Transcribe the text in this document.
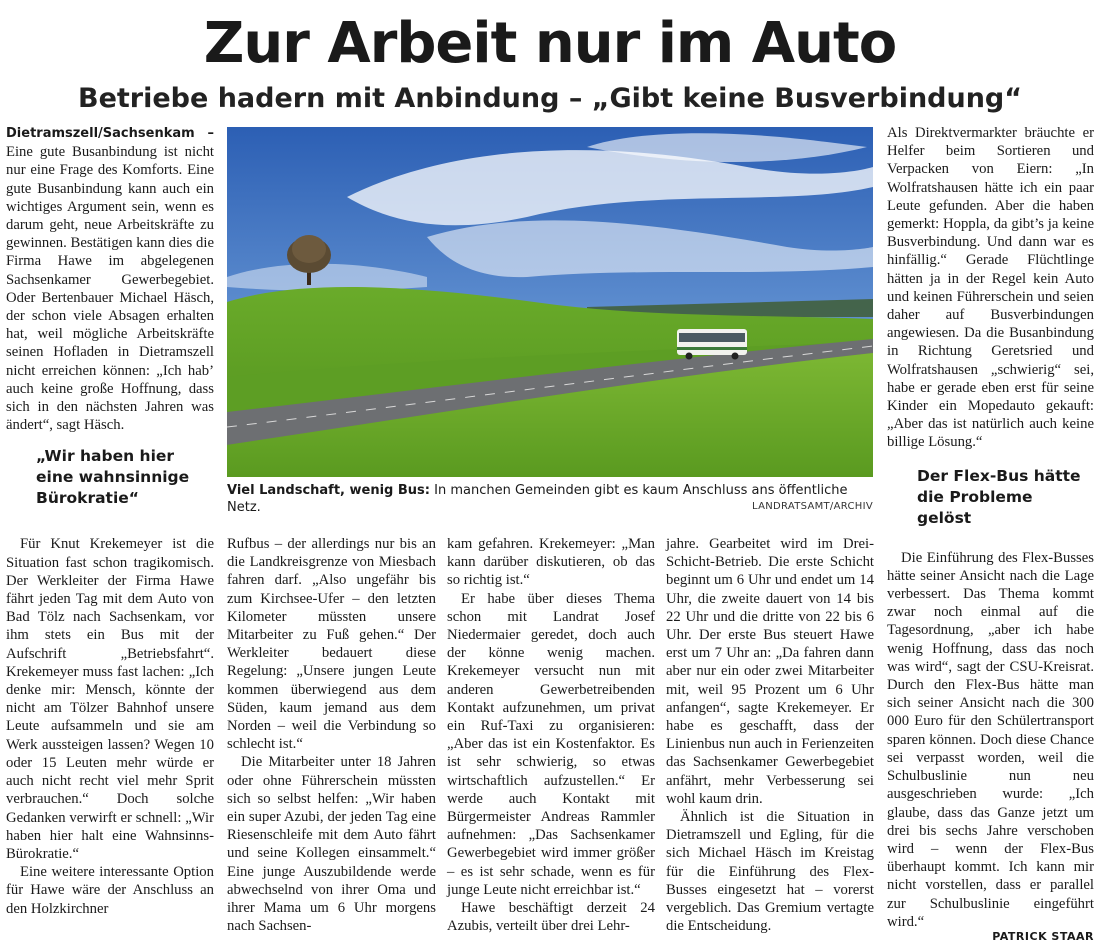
Zur Arbeit nur im Auto
Betriebe hadern mit Anbindung – „Gibt keine Busverbindung“

Dietramszell/Sachsenkam – Eine gute Busanbindung ist nicht nur eine Frage des Komforts. Eine gute Busanbindung kann auch ein wichtiges Argument sein, wenn es darum geht, neue Arbeitskräfte zu gewinnen. Bestätigen kann dies die Firma Hawe im abgelegenen Sachsenkamer Gewerbegebiet. Oder Bertenbauer Michael Häsch, der schon viele Absagen erhalten hat, weil mögliche Arbeitskräfte seinen Hofladen in Dietramszell nicht erreichen können: „Ich hab’ auch keine große Hoffnung, dass sich in den nächsten Jahren was ändert“, sagt Häsch.

„Wir haben hier eine wahnsinnige Bürokratie“

Für Knut Krekemeyer ist die Situation fast schon tragikomisch. Der Werkleiter der Firma Hawe fährt jeden Tag mit dem Auto von Bad Tölz nach Sachsenkam, vor ihm stets ein Bus mit der Aufschrift „Betriebsfahrt“. Krekemeyer muss fast lachen: „Ich denke mir: Mensch, könnte der nicht am Tölzer Bahnhof unsere Leute aufsammeln und sie am Werk aussteigen lassen? Wegen 10 oder 15 Leuten mehr würde er auch nicht recht viel mehr Sprit verbrauchen.“ Doch solche Gedanken verwirft er schnell: „Wir haben hier halt eine Wahnsinns-Bürokratie.“

Eine weitere interessante Option für Hawe wäre der Anschluss an den Holzkirchner

Viel Landschaft, wenig Bus: In manchen Gemeinden gibt es kaum Anschluss ans öffentliche Netz.	LANDRATSAMT/ARCHIV

Rufbus – der allerdings nur bis an die Landkreisgrenze von Miesbach fahren darf. „Also ungefähr bis zum Kirchsee-Ufer – den letzten Kilometer müssten unsere Mitarbeiter zu Fuß gehen.“ Der Werkleiter bedauert diese Regelung: „Unsere jungen Leute kommen überwiegend aus dem Süden, kaum jemand aus dem Norden – weil die Verbindung so schlecht ist.“

Die Mitarbeiter unter 18 Jahren oder ohne Führerschein müssten sich so selbst helfen: „Wir haben ein super Azubi, der jeden Tag eine Riesenschleife mit dem Auto fährt und seine Kollegen einsammelt.“ Eine junge Auszubildende werde abwechselnd von ihrer Oma und ihrer Mama um 6 Uhr morgens nach Sachsen-

kam gefahren. Krekemeyer: „Man kann darüber diskutieren, ob das so richtig ist.“

Er habe über dieses Thema schon mit Landrat Josef Niedermaier geredet, doch auch der könne wenig machen. Krekemeyer versucht nun mit anderen Gewerbetreibenden Kontakt aufzunehmen, um privat ein Ruf-Taxi zu organisieren: „Aber das ist ein Kostenfaktor. Es ist sehr schwierig, so etwas wirtschaftlich aufzustellen.“ Er werde auch Kontakt mit Bürgermeister Andreas Rammler aufnehmen: „Das Sachsenkamer Gewerbegebiet wird immer größer – es ist sehr schade, wenn es für junge Leute nicht erreichbar ist.“

Hawe beschäftigt derzeit 24 Azubis, verteilt über drei Lehr-

jahre. Gearbeitet wird im Drei-Schicht-Betrieb. Die erste Schicht beginnt um 6 Uhr und endet um 14 Uhr, die zweite dauert von 14 bis 22 Uhr und die dritte von 22 bis 6 Uhr. Der erste Bus steuert Hawe erst um 7 Uhr an: „Da fahren dann aber nur ein oder zwei Mitarbeiter mit, weil 95 Prozent um 6 Uhr anfangen“, sagte Krekemeyer. Er habe es geschafft, dass der Linienbus nun auch in Ferienzeiten das Sachsenkamer Gewerbegebiet anfährt, mehr Verbesserung sei wohl kaum drin.

Ähnlich ist die Situation in Dietramszell und Egling, für die sich Michael Häsch im Kreistag für die Einführung des Flex-Busses eingesetzt hat – vorerst vergeblich. Das Gremium vertagte die Entscheidung.

Als Direktvermarkter bräuchte er Helfer beim Sortieren und Verpacken von Eiern: „In Wolfratshausen hätte ich ein paar Leute gefunden. Aber die haben gemerkt: Hoppla, da gibt’s ja keine Busverbindung. Und dann war es hinfällig.“ Gerade Flüchtlinge hätten ja in der Regel kein Auto und keinen Führerschein und seien daher auf Busverbindungen angewiesen. Da die Busanbindung in Richtung Geretsried und Wolfratshausen „schwierig“ sei, habe er gerade eben erst für seine Kinder ein Mopedauto gekauft: „Aber das ist natürlich auch keine billige Lösung.“

Der Flex-Bus hätte die Probleme gelöst

Die Einführung des Flex-Busses hätte seiner Ansicht nach die Lage verbessert. Das Thema kommt zwar noch einmal auf die Tagesordnung, „aber ich habe wenig Hoffnung, dass das noch was wird“, sagt der CSU-Kreisrat. Durch den Flex-Bus hätte man sich seiner Ansicht nach die 300 000 Euro für den Schülertransport sparen können. Doch diese Chance sei verpasst worden, weil die Schulbuslinie nun neu ausgeschrieben wurde: „Ich glaube, dass das Ganze jetzt um drei bis sechs Jahre verschoben wird – wenn der Flex-Bus überhaupt kommt. Ich kann mir nicht vorstellen, dass er parallel zur Schulbuslinie eingeführt wird.“

PATRICK STAAR
